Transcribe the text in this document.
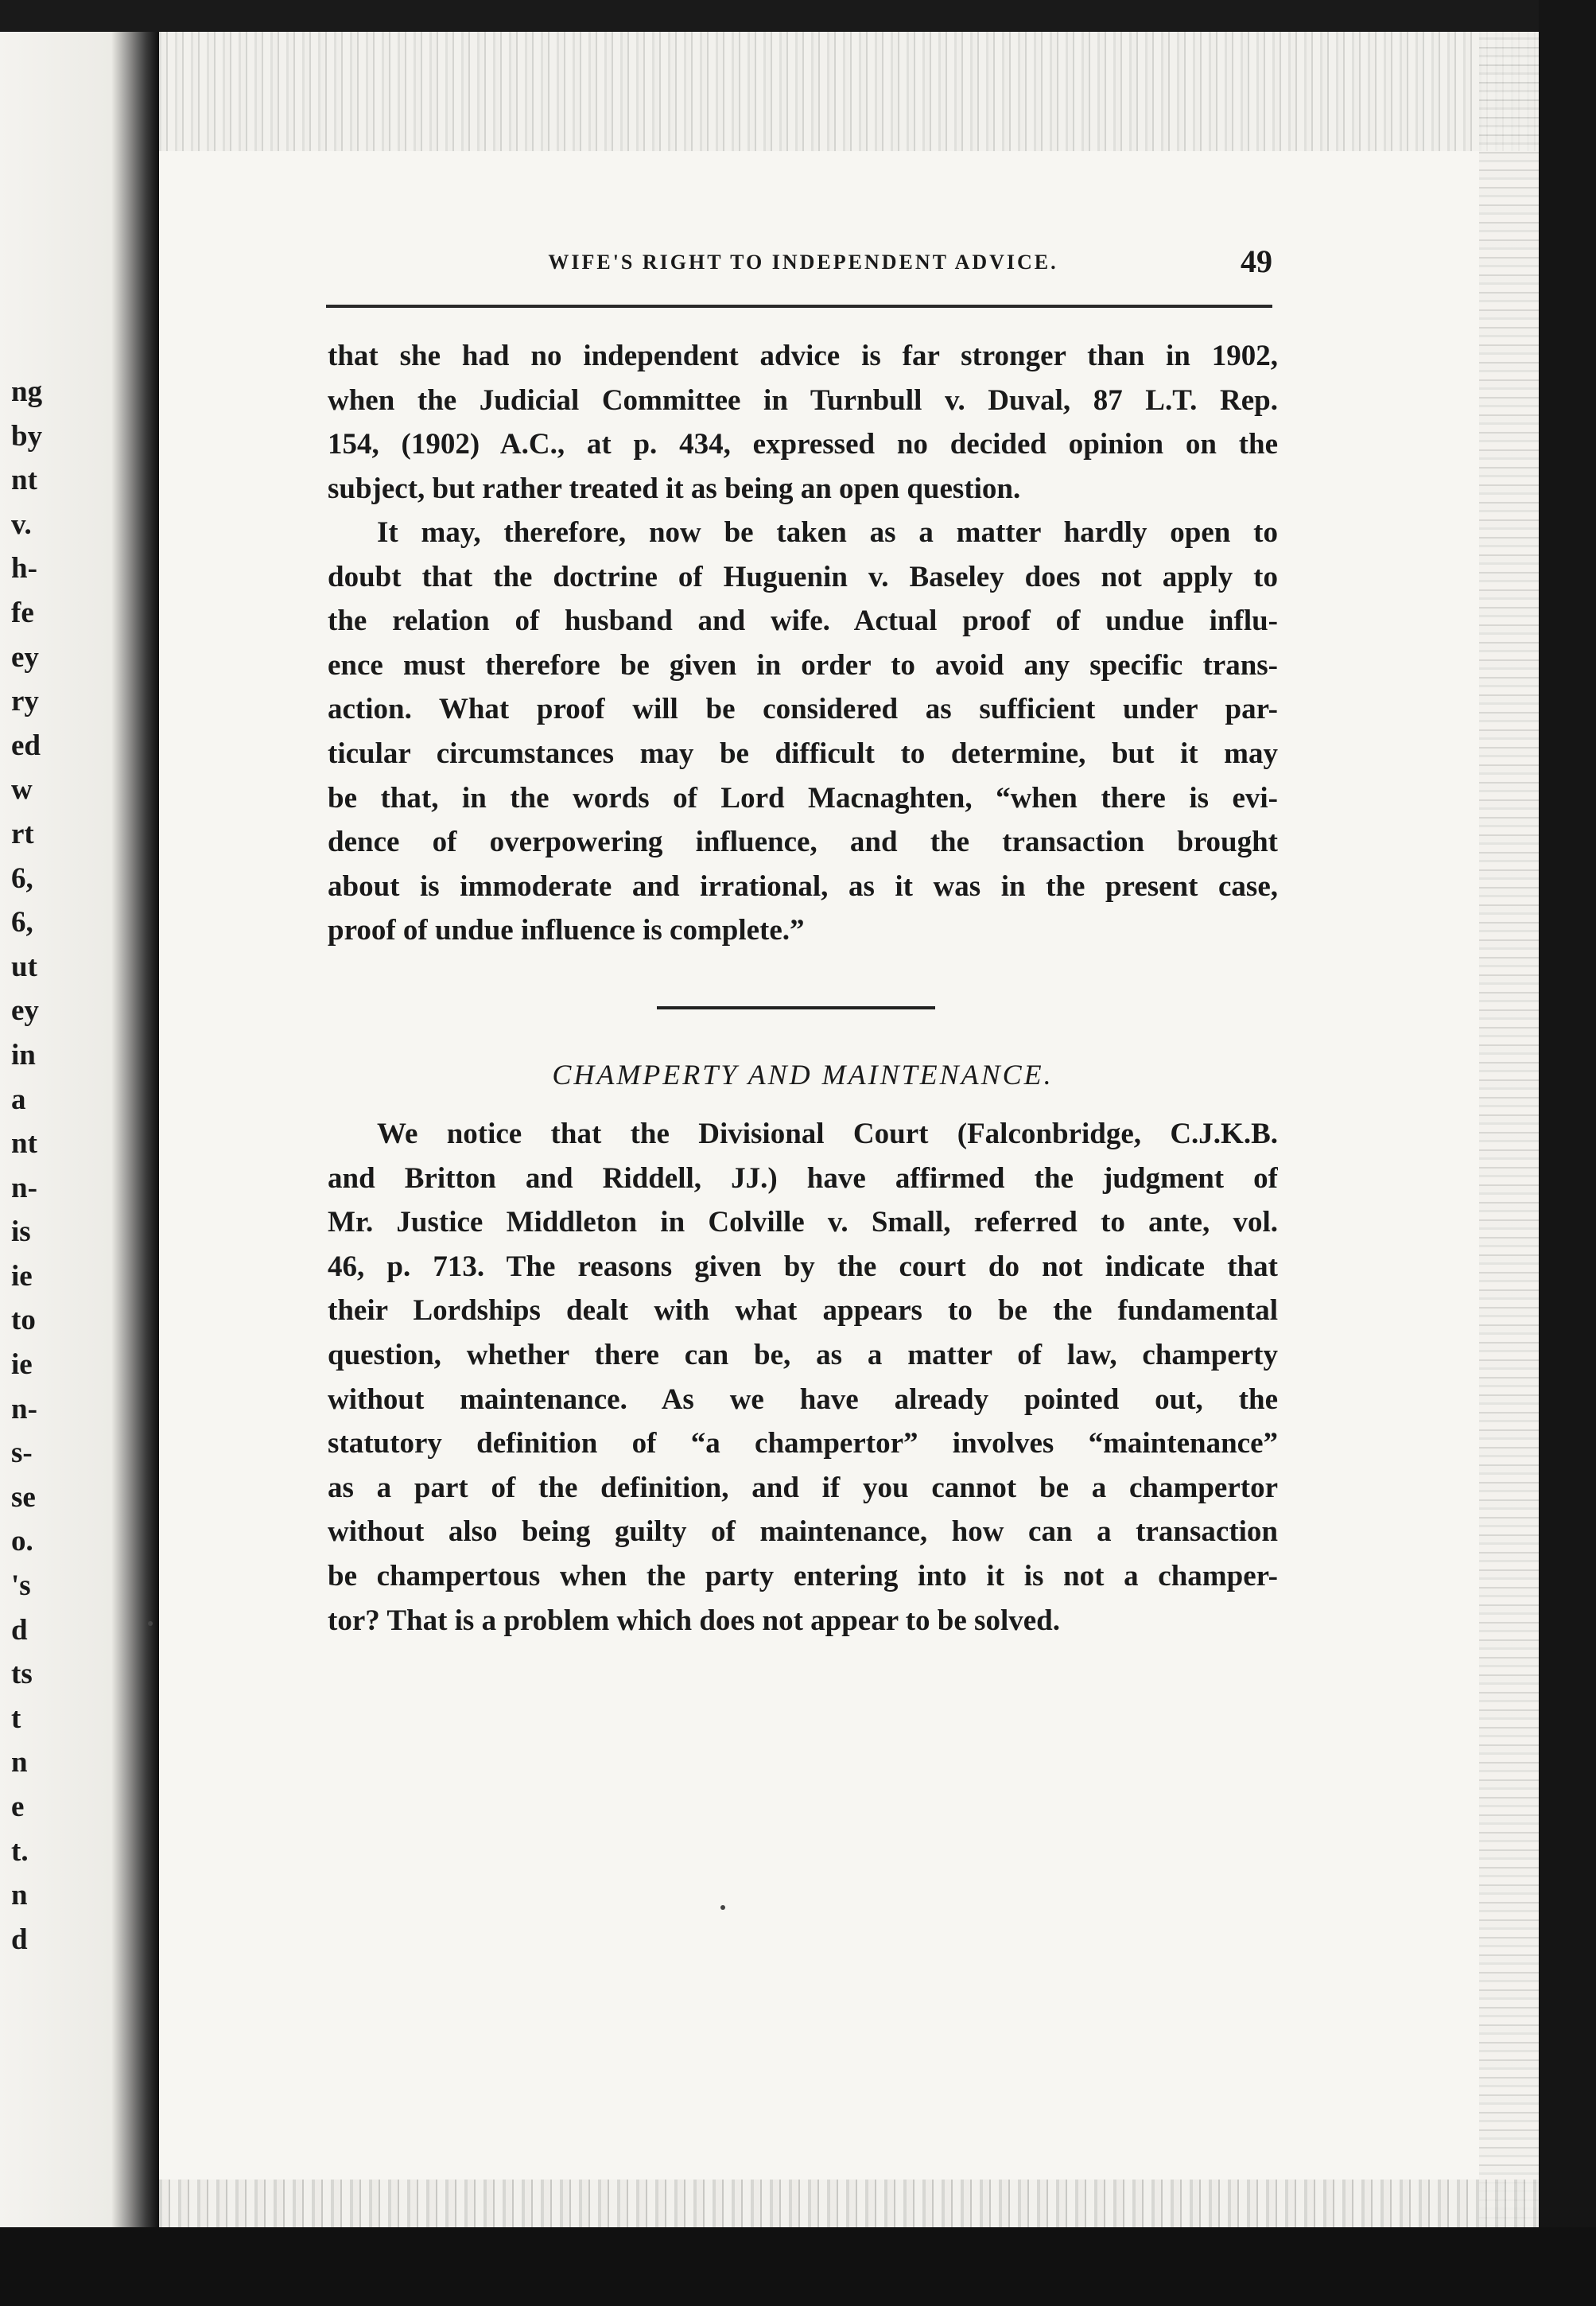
ng
by
nt
v.
h-
fe
ey
ry
ed
w
rt
6,
6,
ut
ey
in
a
nt
n-
is
ie
to
ie
n-
s-
se
o.
's
d
ts
t
n
e
t.
n
d
WIFE'S RIGHT TO INDEPENDENT ADVICE.	49
that she had no independent advice is far stronger than in 1902,
when the Judicial Committee in Turnbull v. Duval, 87 L.T. Rep.
154, (1902) A.C., at p. 434, expressed no decided opinion on the
subject, but rather treated it as being an open question.
It may, therefore, now be taken as a matter hardly open to
doubt that the doctrine of Huguenin v. Baseley does not apply to
the relation of husband and wife. Actual proof of undue influ-
ence must therefore be given in order to avoid any specific trans-
action. What proof will be considered as sufficient under par-
ticular circumstances may be difficult to determine, but it may
be that, in the words of Lord Macnaghten, “when there is evi-
dence of overpowering influence, and the transaction brought
about is immoderate and irrational, as it was in the present case,
proof of undue influence is complete.”
CHAMPERTY AND MAINTENANCE.
We notice that the Divisional Court (Falconbridge, C.J.K.B.
and Britton and Riddell, JJ.) have affirmed the judgment of
Mr. Justice Middleton in Colville v. Small, referred to ante, vol.
46, p. 713. The reasons given by the court do not indicate that
their Lordships dealt with what appears to be the fundamental
question, whether there can be, as a matter of law, champerty
without maintenance. As we have already pointed out, the
statutory definition of “a champertor” involves “maintenance”
as a part of the definition, and if you cannot be a champertor
without also being guilty of maintenance, how can a transaction
be champertous when the party entering into it is not a champer-
tor? That is a problem which does not appear to be solved.
